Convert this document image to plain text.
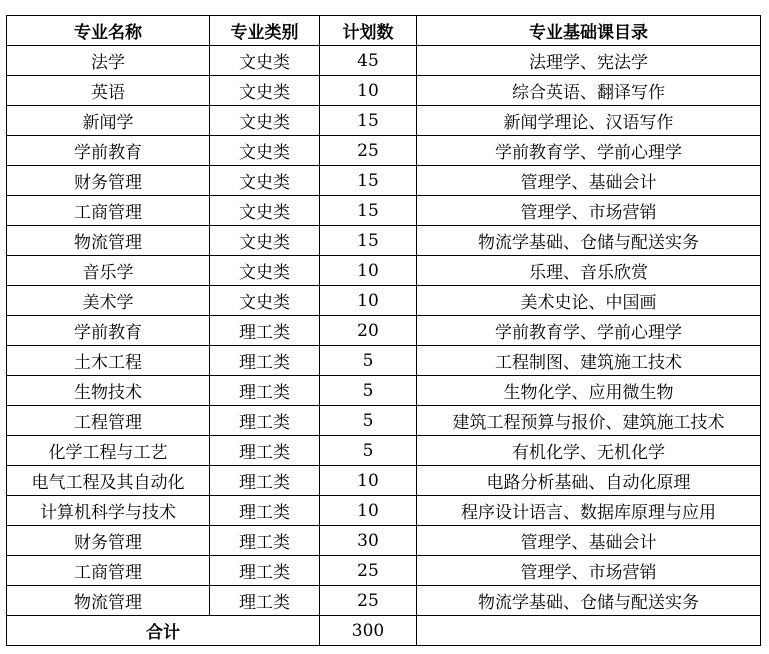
专业名称	专业类别	计划数	专业基础课目录
法学	文史类	45	法理学、宪法学
英语	文史类	10	综合英语、翻译写作
新闻学	文史类	15	新闻学理论、汉语写作
学前教育	文史类	25	学前教育学、学前心理学
财务管理	文史类	15	管理学、基础会计
工商管理	文史类	15	管理学、市场营销
物流管理	文史类	15	物流学基础、仓储与配送实务
音乐学	文史类	10	乐理、音乐欣赏
美术学	文史类	10	美术史论、中国画
学前教育	理工类	20	学前教育学、学前心理学
土木工程	理工类	5	工程制图、建筑施工技术
生物技术	理工类	5	生物化学、应用微生物
工程管理	理工类	5	建筑工程预算与报价、建筑施工技术
化学工程与工艺	理工类	5	有机化学、无机化学
电气工程及其自动化	理工类	10	电路分析基础、自动化原理
计算机科学与技术	理工类	10	程序设计语言、数据库原理与应用
财务管理	理工类	30	管理学、基础会计
工商管理	理工类	25	管理学、市场营销
物流管理	理工类	25	物流学基础、仓储与配送实务
合计		300	
